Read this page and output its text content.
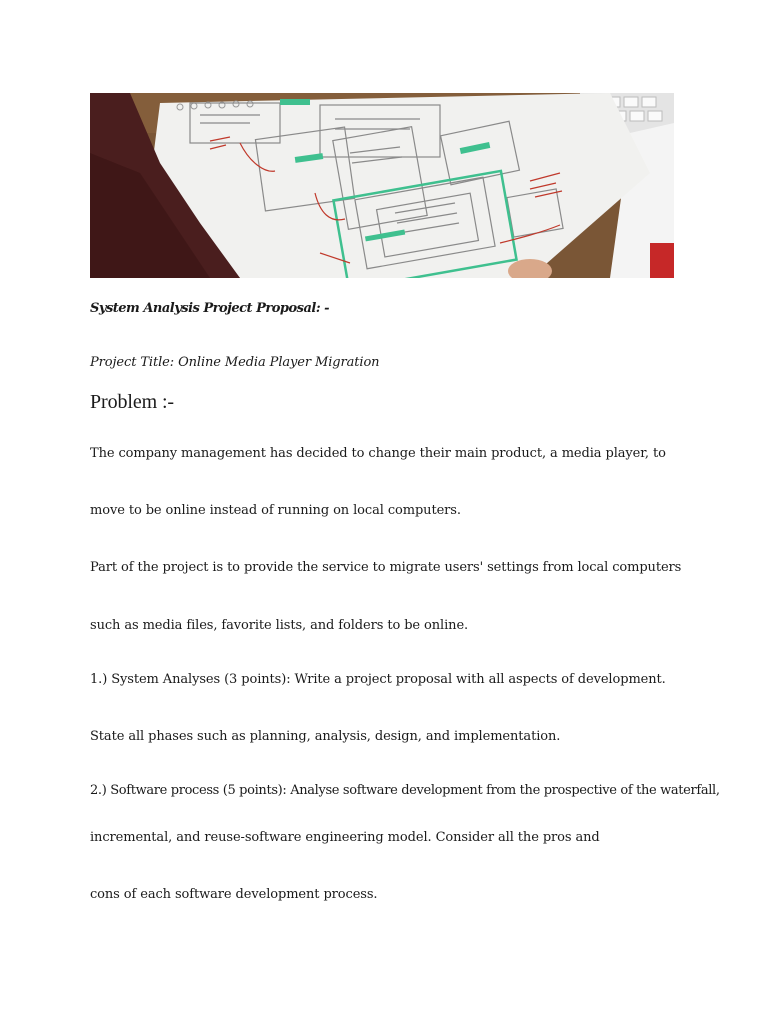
System Analysis Project Proposal: -
Project Title: Online Media Player Migration
Problem :-
The company management has decided to change their main product, a media player, to
move to be online instead of running on local computers.
Part of the project is to provide the service to migrate users' settings from local computers
such as media files, favorite lists, and folders to be online.
1.) System Analyses (3 points): Write a project proposal with all aspects of development.
State all phases such as planning, analysis, design, and implementation.
2.) Software process (5 points): Analyse software development from the prospective of the waterfall,
incremental, and reuse-software engineering model. Consider all the pros and
cons of each software development process.
